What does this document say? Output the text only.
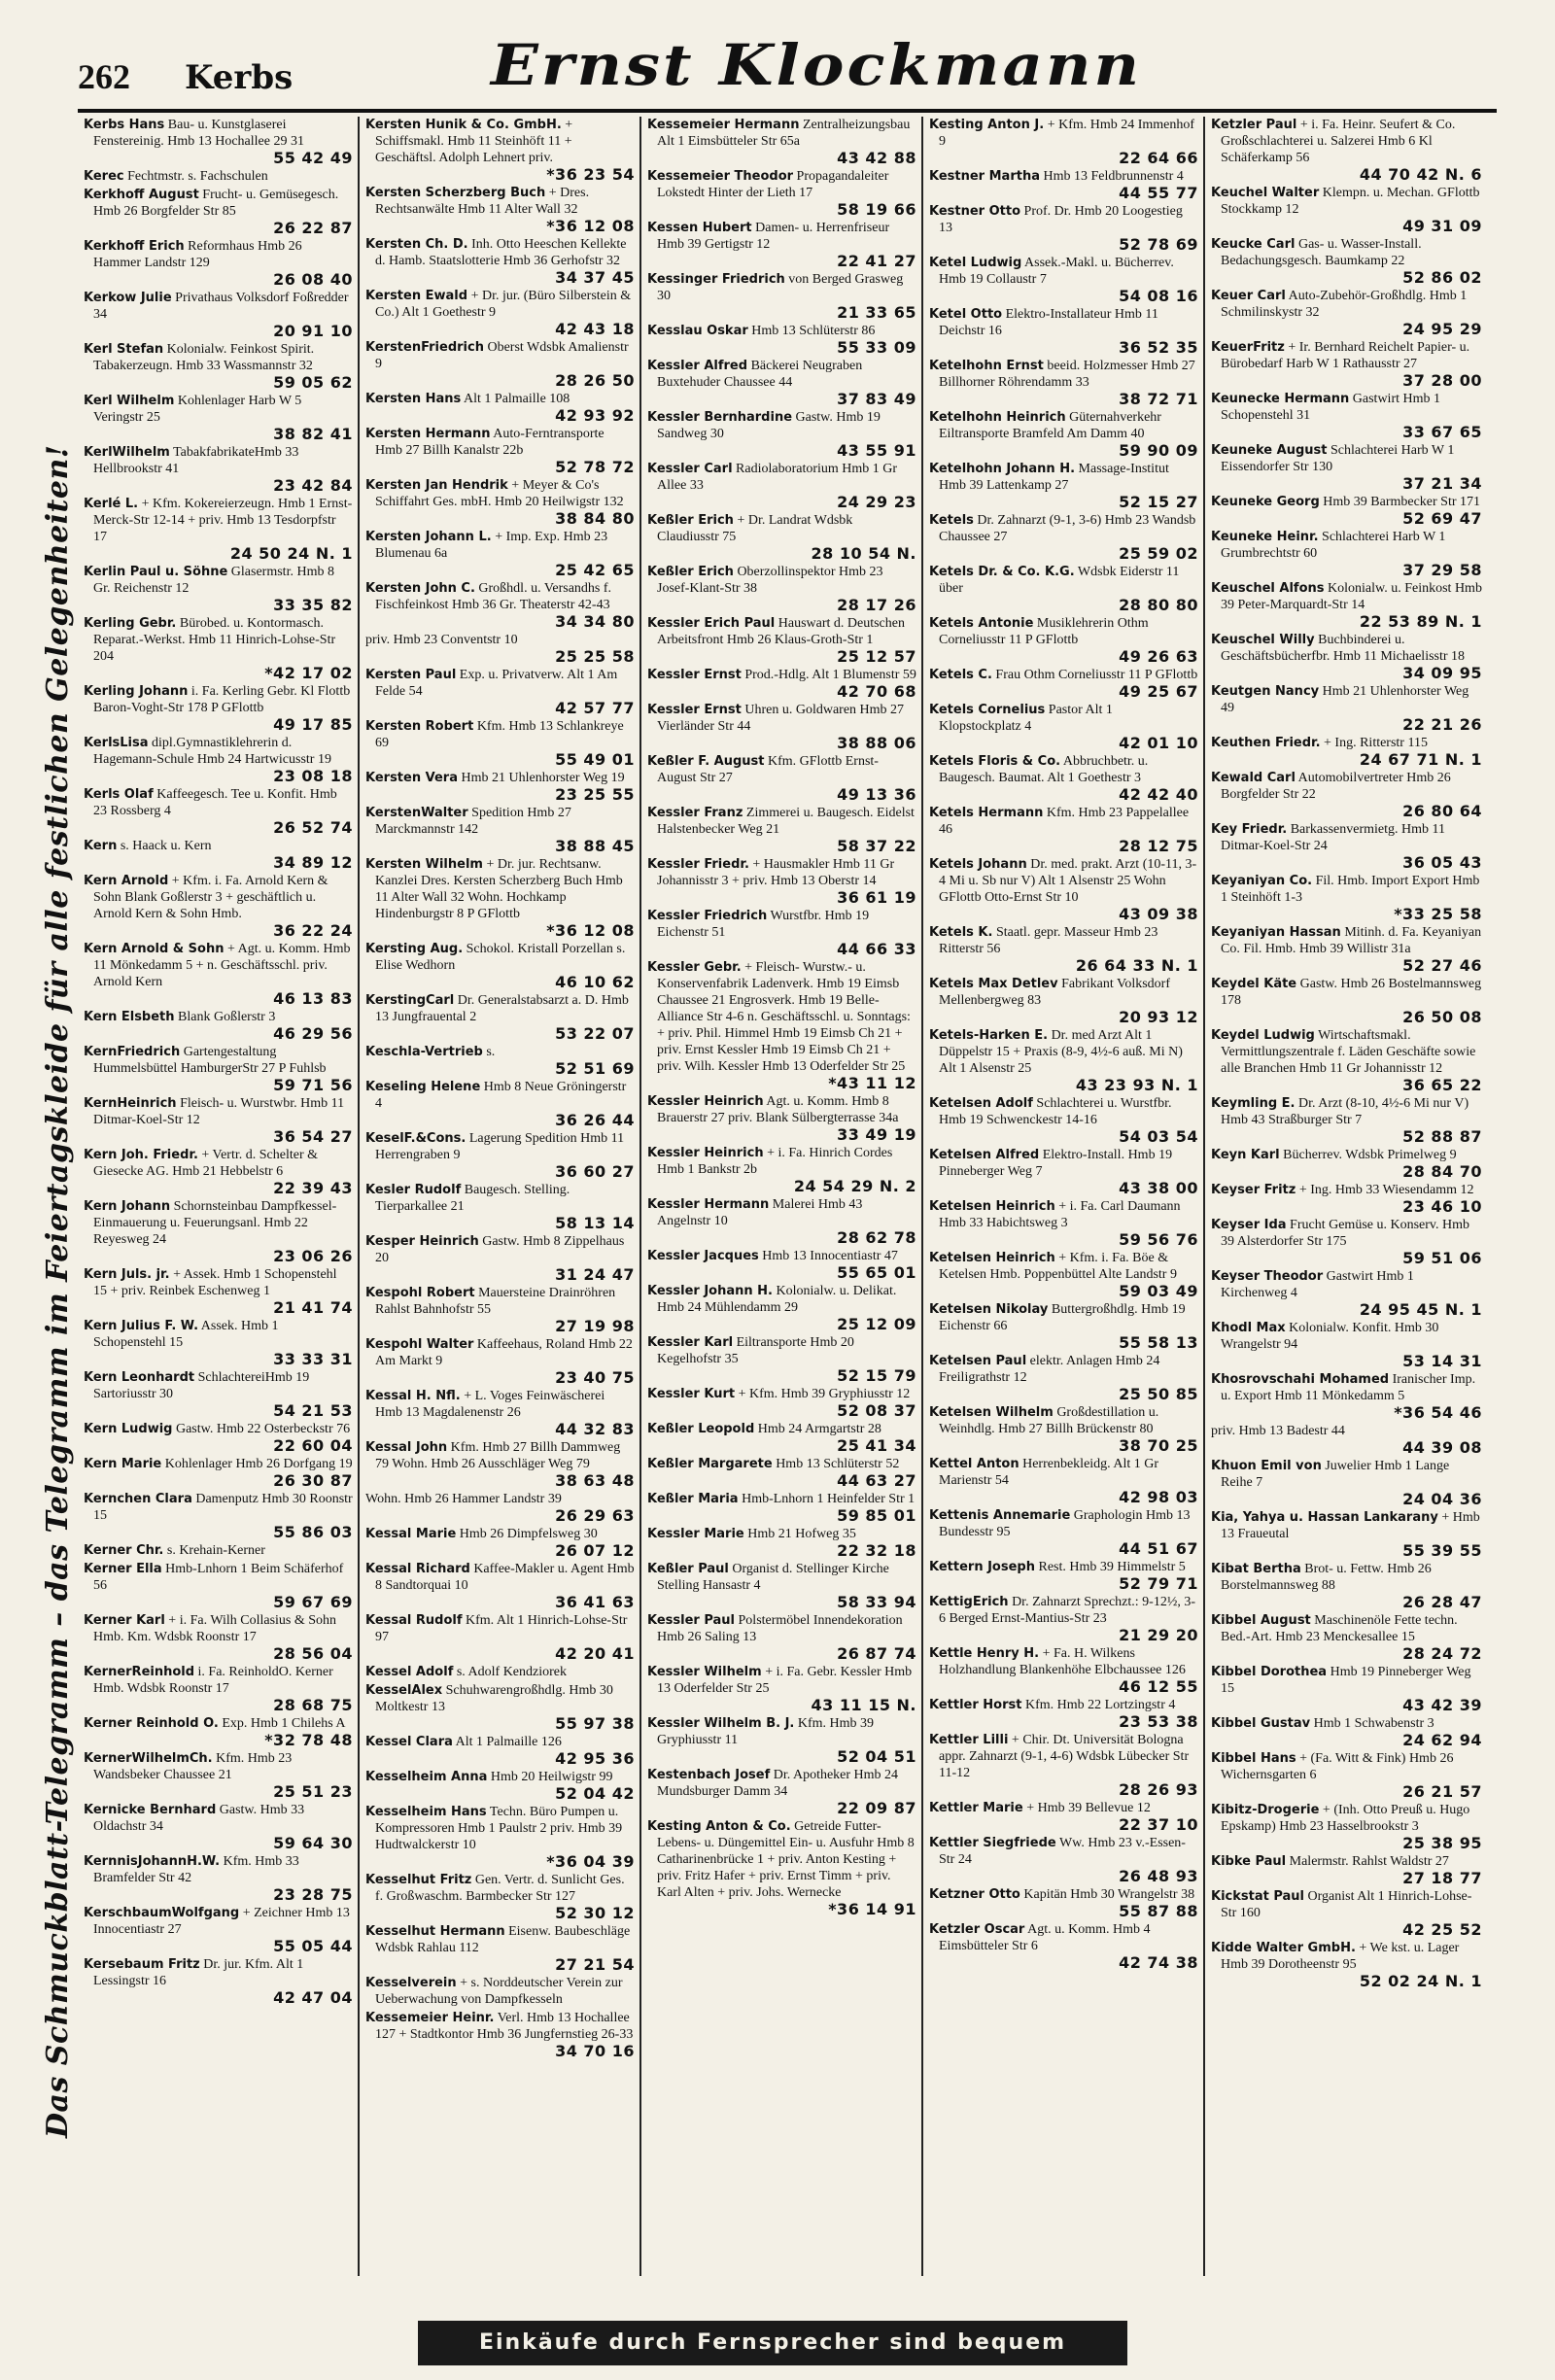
262 Kerbs	Ernst Klockmann
Das Schmuckblatt-Telegramm – das Telegramm im Feiertagskleide für alle festlichen Gelegenheiten!
Kerbs Hans Bau- u. Kunstglaserei Fenstereinig. Hmb 13 Hochallee 29 31
55 42 49
Kerec Fechtmstr. s. Fachschulen
Kerkhoff August Frucht- u. Gemüsegesch. Hmb 26 Borgfelder Str 85
26 22 87
Kerkhoff Erich Reformhaus Hmb 26 Hammer Landstr 129
26 08 40
Kerkow Julie Privathaus Volksdorf Foßredder 34
20 91 10
Kerl Stefan Kolonialw. Feinkost Spirit. Tabakerzeugn. Hmb 33 Wassmannstr 32
59 05 62
Kerl Wilhelm Kohlenlager Harb W 5 Veringstr 25
38 82 41
KerlWilhelm TabakfabrikateHmb 33 Hellbrookstr 41
23 42 84
Kerlé L. + Kfm. Kokereierzeugn. Hmb 1 Ernst-Merck-Str 12-14 + priv. Hmb 13 Tesdorpfstr 17
24 50 24 N. 1
Kerlin Paul u. Söhne Glasermstr. Hmb 8 Gr. Reichenstr 12
33 35 82
Kerling Gebr. Bürobed. u. Kontormasch. Reparat.-Werkst. Hmb 11 Hinrich-Lohse-Str 204
*42 17 02
Kerling Johann i. Fa. Kerling Gebr. Kl Flottb Baron-Voght-Str 178 P GFlottb
49 17 85
KerlsLisa dipl.Gymnastiklehrerin d. Hagemann-Schule Hmb 24 Hartwicusstr 19
23 08 18
Kerls Olaf Kaffeegesch. Tee u. Konfit. Hmb 23 Rossberg 4
26 52 74
Kern s. Haack u. Kern
34 89 12
Kern Arnold + Kfm. i. Fa. Arnold Kern & Sohn Blank Goßlerstr 3 + geschäftlich u. Arnold Kern & Sohn Hmb.
36 22 24
Kern Arnold & Sohn + Agt. u. Komm. Hmb 11 Mönkedamm 5 + n. Geschäftsschl. priv. Arnold Kern
46 13 83
Kern Elsbeth Blank Goßlerstr 3
46 29 56
KernFriedrich Gartengestaltung Hummelsbüttel HamburgerStr 27 P Fuhlsb
59 71 56
KernHeinrich Fleisch- u. Wurstwbr. Hmb 11 Ditmar-Koel-Str 12
36 54 27
Kern Joh. Friedr. + Vertr. d. Schelter & Giesecke AG. Hmb 21 Hebbelstr 6
22 39 43
Kern Johann Schornsteinbau Dampfkessel-Einmauerung u. Feuerungsanl. Hmb 22 Reyesweg 24
23 06 26
Kern Juls. jr. + Assek. Hmb 1 Schopenstehl 15 + priv. Reinbek Eschenweg 1
21 41 74
Kern Julius F. W. Assek. Hmb 1 Schopenstehl 15
33 33 31
Kern Leonhardt SchlachtereiHmb 19 Sartoriusstr 30
54 21 53
Kern Ludwig Gastw. Hmb 22 Osterbeckstr 76
22 60 04
Kern Marie Kohlenlager Hmb 26 Dorfgang 19
26 30 87
Kernchen Clara Damenputz Hmb 30 Roonstr 15
55 86 03
Kerner Chr. s. Krehain-Kerner
Kerner Ella Hmb-Lnhorn 1 Beim Schäferhof 56
59 67 69
Kerner Karl + i. Fa. Wilh Collasius & Sohn Hmb. Km. Wdsbk Roonstr 17
28 56 04
KernerReinhold i. Fa. ReinholdO. Kerner Hmb. Wdsbk Roonstr 17
28 68 75
Kerner Reinhold O. Exp. Hmb 1 Chilehs A
*32 78 48
KernerWilhelmCh. Kfm. Hmb 23 Wandsbeker Chaussee 21
25 51 23
Kernicke Bernhard Gastw. Hmb 33 Oldachstr 34
59 64 30
KernnisJohannH.W. Kfm. Hmb 33 Bramfelder Str 42
23 28 75
KerschbaumWolfgang + Zeichner Hmb 13 Innocentiastr 27
55 05 44
Kersebaum Fritz Dr. jur. Kfm. Alt 1 Lessingstr 16
42 47 04
Kersten Hunik & Co. GmbH. + Schiffsmakl. Hmb 11 Steinhöft 11 + Geschäftsl. Adolph Lehnert priv.
*36 23 54
Kersten Scherzberg Buch + Dres. Rechtsanwälte Hmb 11 Alter Wall 32
*36 12 08
Kersten Ch. D. Inh. Otto Heeschen Kellekte d. Hamb. Staatslotterie Hmb 36 Gerhofstr 32
34 37 45
Kersten Ewald + Dr. jur. (Büro Silberstein & Co.) Alt 1 Goethestr 9
42 43 18
KerstenFriedrich Oberst Wdsbk Amalienstr 9
28 26 50
Kersten Hans Alt 1 Palmaille 108
42 93 92
Kersten Hermann Auto-Ferntransporte Hmb 27 Billh Kanalstr 22b
52 78 72
Kersten Jan Hendrik + Meyer & Co's Schiffahrt Ges. mbH. Hmb 20 Heilwigstr 132
38 84 80
Kersten Johann L. + Imp. Exp. Hmb 23 Blumenau 6a
25 42 65
Kersten John C. Großhdl. u. Versandhs f. Fischfeinkost Hmb 36 Gr. Theaterstr 42-43
34 34 80
priv. Hmb 23 Conventstr 10
25 25 58
Kersten Paul Exp. u. Privatverw. Alt 1 Am Felde 54
42 57 77
Kersten Robert Kfm. Hmb 13 Schlankreye 69
55 49 01
Kersten Vera Hmb 21 Uhlenhorster Weg 19
23 25 55
KerstenWalter Spedition Hmb 27 Marckmannstr 142
38 88 45
Kersten Wilhelm + Dr. jur. Rechtsanw. Kanzlei Dres. Kersten Scherzberg Buch Hmb 11 Alter Wall 32 Wohn. Hochkamp Hindenburgstr 8 P GFlottb
*36 12 08
Kersting Aug. Schokol. Kristall Porzellan s. Elise Wedhorn
46 10 62
KerstingCarl Dr. Generalstabsarzt a. D. Hmb 13 Jungfrauental 2
53 22 07
Keschla-Vertrieb s.
52 51 69
Keseling Helene Hmb 8 Neue Gröningerstr 4
36 26 44
KeselF.&Cons. Lagerung Spedition Hmb 11 Herrengraben 9
36 60 27
Kesler Rudolf Baugesch. Stelling. Tierparkallee 21
58 13 14
Kesper Heinrich Gastw. Hmb 8 Zippelhaus 20
31 24 47
Kespohl Robert Mauersteine Drainröhren Rahlst Bahnhofstr 55
27 19 98
Kespohl Walter Kaffeehaus, Roland Hmb 22 Am Markt 9
23 40 75
Kessal H. Nfl. + L. Voges Feinwäscherei Hmb 13 Magdalenenstr 26
44 32 83
Kessal John Kfm. Hmb 27 Billh Dammweg 79 Wohn. Hmb 26 Ausschläger Weg 79
38 63 48
Wohn. Hmb 26 Hammer Landstr 39
26 29 63
Kessal Marie Hmb 26 Dimpfelsweg 30
26 07 12
Kessal Richard Kaffee-Makler u. Agent Hmb 8 Sandtorquai 10
36 41 63
Kessal Rudolf Kfm. Alt 1 Hinrich-Lohse-Str 97
42 20 41
Kessel Adolf s. Adolf Kendziorek
KesselAlex Schuhwarengroßhdlg. Hmb 30 Moltkestr 13
55 97 38
Kessel Clara Alt 1 Palmaille 126
42 95 36
Kesselheim Anna Hmb 20 Heilwigstr 99
52 04 42
Kesselheim Hans Techn. Büro Pumpen u. Kompressoren Hmb 1 Paulstr 2 priv. Hmb 39 Hudtwalckerstr 10
*36 04 39
Kesselhut Fritz Gen. Vertr. d. Sunlicht Ges. f. Großwaschm. Barmbecker Str 127
52 30 12
Kesselhut Hermann Eisenw. Baubeschläge Wdsbk Rahlau 112
27 21 54
Kesselverein + s. Norddeutscher Verein zur Ueberwachung von Dampfkesseln
Kessemeier Heinr. Verl. Hmb 13 Hochallee 127 + Stadtkontor Hmb 36 Jungfernstieg 26-33
34 70 16
Kessemeier Hermann Zentralheizungsbau Alt 1 Eimsbütteler Str 65a
43 42 88
Kessemeier Theodor Propagandaleiter Lokstedt Hinter der Lieth 17
58 19 66
Kessen Hubert Damen- u. Herrenfriseur Hmb 39 Gertigstr 12
22 41 27
Kessinger Friedrich von Berged Grasweg 30
21 33 65
Kesslau Oskar Hmb 13 Schlüterstr 86
55 33 09
Kessler Alfred Bäckerei Neugraben Buxtehuder Chaussee 44
37 83 49
Kessler Bernhardine Gastw. Hmb 19 Sandweg 30
43 55 91
Kessler Carl Radiolaboratorium Hmb 1 Gr Allee 33
24 29 23
Keßler Erich + Dr. Landrat Wdsbk Claudiusstr 75
28 10 54 N.
Keßler Erich Oberzollinspektor Hmb 23 Josef-Klant-Str 38
28 17 26
Kessler Erich Paul Hauswart d. Deutschen Arbeitsfront Hmb 26 Klaus-Groth-Str 1
25 12 57
Kessler Ernst Prod.-Hdlg. Alt 1 Blumenstr 59
42 70 68
Kessler Ernst Uhren u. Goldwaren Hmb 27 Vierländer Str 44
38 88 06
Keßler F. August Kfm. GFlottb Ernst-August Str 27
49 13 36
Kessler Franz Zimmerei u. Baugesch. Eidelst Halstenbecker Weg 21
58 37 22
Kessler Friedr. + Hausmakler Hmb 11 Gr Johannisstr 3 + priv. Hmb 13 Oberstr 14
36 61 19
Kessler Friedrich Wurstfbr. Hmb 19 Eichenstr 51
44 66 33
Kessler Gebr. + Fleisch- Wurstw.- u. Konservenfabrik Ladenverk. Hmb 19 Eimsb Chaussee 21 Engrosverk. Hmb 19 Belle-Alliance Str 4-6 n. Geschäftsschl. u. Sonntags: + priv. Phil. Himmel Hmb 19 Eimsb Ch 21 + priv. Ernst Kessler Hmb 19 Eimsb Ch 21 + priv. Wilh. Kessler Hmb 13 Oderfelder Str 25
*43 11 12
Kessler Heinrich Agt. u. Komm. Hmb 8 Brauerstr 27 priv. Blank Sülbergterrasse 34a
33 49 19
Kessler Heinrich + i. Fa. Hinrich Cordes Hmb 1 Bankstr 2b
24 54 29 N. 2
Kessler Hermann Malerei Hmb 43 Angelnstr 10
28 62 78
Kessler Jacques Hmb 13 Innocentiastr 47
55 65 01
Kessler Johann H. Kolonialw. u. Delikat. Hmb 24 Mühlendamm 29
25 12 09
Kessler Karl Eiltransporte Hmb 20 Kegelhofstr 35
52 15 79
Kessler Kurt + Kfm. Hmb 39 Gryphiusstr 12
52 08 37
Keßler Leopold Hmb 24 Armgartstr 28
25 41 34
Keßler Margarete Hmb 13 Schlüterstr 52
44 63 27
Keßler Maria Hmb-Lnhorn 1 Heinfelder Str 1
59 85 01
Kessler Marie Hmb 21 Hofweg 35
22 32 18
Keßler Paul Organist d. Stellinger Kirche Stelling Hansastr 4
58 33 94
Kessler Paul Polstermöbel Innendekoration Hmb 26 Saling 13
26 87 74
Kessler Wilhelm + i. Fa. Gebr. Kessler Hmb 13 Oderfelder Str 25
43 11 15 N.
Kessler Wilhelm B. J. Kfm. Hmb 39 Gryphiusstr 11
52 04 51
Kestenbach Josef Dr. Apotheker Hmb 24 Mundsburger Damm 34
22 09 87
Kesting Anton & Co. Getreide Futter- Lebens- u. Düngemittel Ein- u. Ausfuhr Hmb 8 Catharinenbrücke 1 + priv. Anton Kesting + priv. Fritz Hafer + priv. Ernst Timm + priv. Karl Alten + priv. Johs. Wernecke
*36 14 91
Kesting Anton J. + Kfm. Hmb 24 Immenhof 9
22 64 66
Kestner Martha Hmb 13 Feldbrunnenstr 4
44 55 77
Kestner Otto Prof. Dr. Hmb 20 Loogestieg 13
52 78 69
Ketel Ludwig Assek.-Makl. u. Bücherrev. Hmb 19 Collaustr 7
54 08 16
Ketel Otto Elektro-Installateur Hmb 11 Deichstr 16
36 52 35
Ketelhohn Ernst beeid. Holzmesser Hmb 27 Billhorner Röhrendamm 33
38 72 71
Ketelhohn Heinrich Güternahverkehr Eiltransporte Bramfeld Am Damm 40
59 90 09
Ketelhohn Johann H. Massage-Institut Hmb 39 Lattenkamp 27
52 15 27
Ketels Dr. Zahnarzt (9-1, 3-6) Hmb 23 Wandsb Chaussee 27
25 59 02
Ketels Dr. & Co. K.G. Wdsbk Eiderstr 11 über
28 80 80
Ketels Antonie Musiklehrerin Othm Corneliusstr 11 P GFlottb
49 26 63
Ketels C. Frau Othm Corneliusstr 11 P GFlottb
49 25 67
Ketels Cornelius Pastor Alt 1 Klopstockplatz 4
42 01 10
Ketels Floris & Co. Abbruchbetr. u. Baugesch. Baumat. Alt 1 Goethestr 3
42 42 40
Ketels Hermann Kfm. Hmb 23 Pappelallee 46
28 12 75
Ketels Johann Dr. med. prakt. Arzt (10-11, 3-4 Mi u. Sb nur V) Alt 1 Alsenstr 25 Wohn GFlottb Otto-Ernst Str 10
43 09 38
Ketels K. Staatl. gepr. Masseur Hmb 23 Ritterstr 56
26 64 33 N. 1
Ketels Max Detlev Fabrikant Volksdorf Mellenbergweg 83
20 93 12
Ketels-Harken E. Dr. med Arzt Alt 1 Düppelstr 15 + Praxis (8-9, 4½-6 auß. Mi N) Alt 1 Alsenstr 25
43 23 93 N. 1
Ketelsen Adolf Schlachterei u. Wurstfbr. Hmb 19 Schwenckestr 14-16
54 03 54
Ketelsen Alfred Elektro-Install. Hmb 19 Pinneberger Weg 7
43 38 00
Ketelsen Heinrich + i. Fa. Carl Daumann Hmb 33 Habichtsweg 3
59 56 76
Ketelsen Heinrich + Kfm. i. Fa. Böe & Ketelsen Hmb. Poppenbüttel Alte Landstr 9
59 03 49
Ketelsen Nikolay Buttergroßhdlg. Hmb 19 Eichenstr 66
55 58 13
Ketelsen Paul elektr. Anlagen Hmb 24 Freiligrathstr 12
25 50 85
Ketelsen Wilhelm Großdestillation u. Weinhdlg. Hmb 27 Billh Brückenstr 80
38 70 25
Kettel Anton Herrenbekleidg. Alt 1 Gr Marienstr 54
42 98 03
Kettenis Annemarie Graphologin Hmb 13 Bundesstr 95
44 51 67
Kettern Joseph Rest. Hmb 39 Himmelstr 5
52 79 71
KettigErich Dr. Zahnarzt Sprechzt.: 9-12½, 3-6 Berged Ernst-Mantius-Str 23
21 29 20
Kettle Henry H. + Fa. H. Wilkens Holzhandlung Blankenhöhe Elbchaussee 126
46 12 55
Kettler Horst Kfm. Hmb 22 Lortzingstr 4
23 53 38
Kettler Lilli + Chir. Dt. Universität Bologna appr. Zahnarzt (9-1, 4-6) Wdsbk Lübecker Str 11-12
28 26 93
Kettler Marie + Hmb 39 Bellevue 12
22 37 10
Kettler Siegfriede Ww. Hmb 23 v.-Essen-Str 24
26 48 93
Ketzner Otto Kapitän Hmb 30 Wrangelstr 38
55 87 88
Ketzler Oscar Agt. u. Komm. Hmb 4 Eimsbütteler Str 6
42 74 38
Ketzler Paul + i. Fa. Heinr. Seufert & Co. Großschlachterei u. Salzerei Hmb 6 Kl Schäferkamp 56
44 70 42 N. 6
Keuchel Walter Klempn. u. Mechan. GFlottb Stockkamp 12
49 31 09
Keucke Carl Gas- u. Wasser-Install. Bedachungsgesch. Baumkamp 22
52 86 02
Keuer Carl Auto-Zubehör-Großhdlg. Hmb 1 Schmilinskystr 32
24 95 29
KeuerFritz + Ir. Bernhard Reichelt Papier- u. Bürobedarf Harb W 1 Rathausstr 27
37 28 00
Keunecke Hermann Gastwirt Hmb 1 Schopenstehl 31
33 67 65
Keuneke August Schlachterei Harb W 1 Eissendorfer Str 130
37 21 34
Keuneke Georg Hmb 39 Barmbecker Str 171
52 69 47
Keuneke Heinr. Schlachterei Harb W 1 Grumbrechtstr 60
37 29 58
Keuschel Alfons Kolonialw. u. Feinkost Hmb 39 Peter-Marquardt-Str 14
22 53 89 N. 1
Keuschel Willy Buchbinderei u. Geschäftsbücherfbr. Hmb 11 Michaelisstr 18
34 09 95
Keutgen Nancy Hmb 21 Uhlenhorster Weg 49
22 21 26
Keuthen Friedr. + Ing. Ritterstr 115
24 67 71 N. 1
Kewald Carl Automobilvertreter Hmb 26 Borgfelder Str 22
26 80 64
Key Friedr. Barkassenvermietg. Hmb 11 Ditmar-Koel-Str 24
36 05 43
Keyaniyan Co. Fil. Hmb. Import Export Hmb 1 Steinhöft 1-3
*33 25 58
Keyaniyan Hassan Mitinh. d. Fa. Keyaniyan Co. Fil. Hmb. Hmb 39 Willistr 31a
52 27 46
Keydel Käte Gastw. Hmb 26 Bostelmannsweg 178
26 50 08
Keydel Ludwig Wirtschaftsmakl. Vermittlungszentrale f. Läden Geschäfte sowie alle Branchen Hmb 11 Gr Johannisstr 12
36 65 22
Keymling E. Dr. Arzt (8-10, 4½-6 Mi nur V) Hmb 43 Straßburger Str 7
52 88 87
Keyn Karl Bücherrev. Wdsbk Primelweg 9
28 84 70
Keyser Fritz + Ing. Hmb 33 Wiesendamm 12
23 46 10
Keyser Ida Frucht Gemüse u. Konserv. Hmb 39 Alsterdorfer Str 175
59 51 06
Keyser Theodor Gastwirt Hmb 1 Kirchenweg 4
24 95 45 N. 1
Khodl Max Kolonialw. Konfit. Hmb 30 Wrangelstr 94
53 14 31
Khosrovschahi Mohamed Iranischer Imp. u. Export Hmb 11 Mönkedamm 5
*36 54 46
priv. Hmb 13 Badestr 44
44 39 08
Khuon Emil von Juwelier Hmb 1 Lange Reihe 7
24 04 36
Kia, Yahya u. Hassan Lankarany + Hmb 13 Fraueutal
55 39 55
Kibat Bertha Brot- u. Fettw. Hmb 26 Borstelmannsweg 88
26 28 47
Kibbel August Maschinenöle Fette techn. Bed.-Art. Hmb 23 Menckesallee 15
28 24 72
Kibbel Dorothea Hmb 19 Pinneberger Weg 15
43 42 39
Kibbel Gustav Hmb 1 Schwabenstr 3
24 62 94
Kibbel Hans + (Fa. Witt & Fink) Hmb 26 Wichernsgarten 6
26 21 57
Kibitz-Drogerie + (Inh. Otto Preuß u. Hugo Epskamp) Hmb 23 Hasselbrookstr 3
25 38 95
Kibke Paul Malermstr. Rahlst Waldstr 27
27 18 77
Kickstat Paul Organist Alt 1 Hinrich-Lohse-Str 160
42 25 52
Kidde Walter GmbH. + We kst. u. Lager Hmb 39 Dorotheenstr 95
52 02 24 N. 1
Einkäufe durch Fernsprecher sind bequem
